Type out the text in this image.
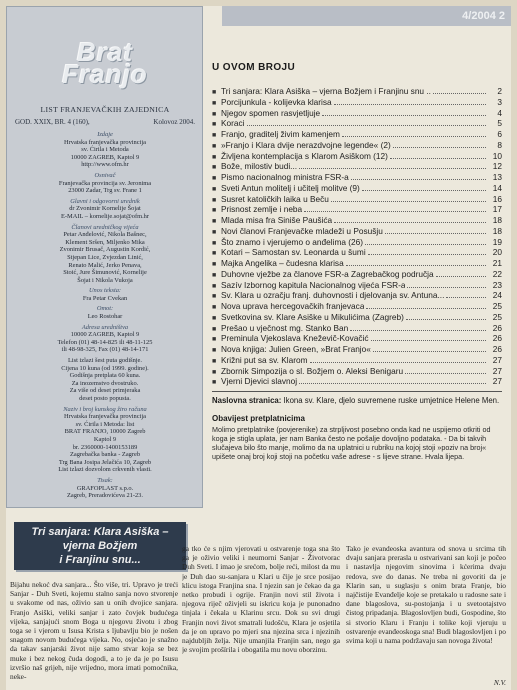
4/2004 2
Brat
Franjo
LIST FRANJEVAČKIH ZAJEDNICA
GOD. XXIX, BR. 4 (160),	Kolovoz 2004.
Izdaje
Hrvatska franjevačka provincija
sv. Ćirila i Metoda
10000 ZAGREB, Kaptol 9
http://www.ofm.hr
Osnivač
Franjevačka provincija sv. Jeronima
23000 Zadar, Trg sv. Frane 1
Glavni i odgovorni urednik
dr Zvonimir Kornelije Šojat
E-MAIL – kornelije.sojat@ofm.hr
Članovi uredničkog vijeća
Petar Anđelović, Nikola Bašnec,
Klement Sršen, Miljenko Mika
Zvonimir Brusač, Augustin Kordić,
Stjepan Lice, Zvjezdan Linić,
Renato Malić, Jerko Penava,
Stoić, Jure Šimunović, Kornelije
Šojat i Nikola Vukoja
Unos teksta:
Fra Petar Cvekan
Omot:
Leo Rostohar
Adresa uredništva
10000 ZAGREB, Kaptol 9
Telefon (01) 48-14-825 ili 48-11-125
ili 48-98-325, Fax (01) 48-14-171
List izlazi šest puta godišnje.
Cijena 10 kuna (od 1999. godine).
Godišnja pretplata 60 kuna.
Za inozemstvo dvostruko.
Za više od deset primjeraka
deset posto popusta.
Naziv i broj kunskog žiro računa
Hrvatska franjevačka provincija
sv. Ćirila i Metoda: list
BRAT FRANJO, 10000 Zagreb
Kaptol 9
br. 2360000-1400153189
Zagrebačka banka - Zagreb
Trg Bana Josipa Jelačića 10, Zagreb
List izlazi dozvolom crkvenih vlasti.
Tisak:
GRAFOPLAST s.p.o.
Zagreb, Preradovićeva 21-23.
Tri sanjara: Klara Asiška –
vjerna Božjem
i Franjinu snu...
Bijahu nekoć dva sanjara... Što više, tri. Upravo je treći Sanjar - Duh Sveti, kojemu stalno sanja novo stvorenje u svakome od nas, oživio san u onih dvojice sanjara. Franjo Asiški, veliki sanjar i zato čovjek budućega vijeka, sanjajući snom Boga u njegovu životu i zbog toga se i vjerom u Isusa Krista s ljubavlju bio je nošen snagom novom budućega vijeka. No, osjećao je snažno da takav sanjarski život nije samo stvar koja se bez muke i bez nekog čuda dogodi, a to je da je po Isusu izvršio naš grijeh, nije vrijedno, mora imati pomoćnika, neke-
ga tko će s njim vjerovati u ostvarenje toga sna što ga je oživio veliki i neumorni Sanjar - Životvorac Duh Sveti. I imao je srećom, bolje reći, milost da mu je Duh dao su-sanjara u Klari u čije je srce posijao klicu istoga Franjina sna. I njezin san je čekao da ga netko probudi i ogrije. Franjin novi stil života i njegova riječ oživjeli su iskricu koja je punonadno tinjala i čekala u Klarinu srcu. Dok su svi drugi Franjin novi život smatrali ludošću, Klara je osjetila da je on upravo po mjeri sna njezina srca i njezinih najdubljih želja. Nije umanjila Franjin san, nego ga je svojim prošírila i obogatila mu novu oborzinu.
Tako je evandeoska avantura od snova u srcima tih dvaju sanjara prerasla u ostvarivani san koji je počeo i nastavlja njegovim sinovima i kćerima dvaju redova, sve do danas. Ne treba ni govoriti da je Klarin san, u suglasju s onim brata Franje, bio najčistije Evanđelje koje se pretakalo u radosne sate i dane blagoslova, su-postojanja i u svetootajstvo čistog pripadanja. Blagoslovljen budi, Gospodine, što si stvorio Klaru i Franju i tolike koji vjeruju u ostvarenje evanđeoskoga sna! Budi blagoslovljen i po svima koji u nama podržavaju san novoga života!
N.V.
U OVOM BROJU
■ Tri sanjara: Klara Asiška – vjerna Božjem i Franjinu snu ..	2
■ Porcijunkula - kolijevka klarisa	3
■ Njegov spomen rasvjetljuje	4
■ Koraci	5
■ Franjo, graditelj živim kamenjem	6
■ »Franjo i Klara dvije nerazdvojne legende« (2)	8
■ Življena kontemplacija s Klarom Asiškom (12)	10
■ Bože, milostiv budi...	12
■ Pismo nacionalnog ministra FSR-a	13
■ Sveti Antun molitelj i učitelj molitve (9)	14
■ Susret katoličkih laika u Beču	16
■ Prisnost zemlje i neba	17
■ Mlada misa fra Siniše Paušića	18
■ Novi članovi Franjevačke mladeži u Posušju	18
■ Što znamo i vjerujemo o anđelima (26)	19
■ Kotari – Samostan sv. Leonarda u šumi	20
■ Majka Angelika – čudesna klarisa	21
■ Duhovne vježbe za članove FSR-a Zagrebačkog područja	22
■ Sazív Izbornog kapitula Nacionalnog vijeća FSR-a	23
■ Sv. Klara u ozračju franj. duhovnosti i djelovanja sv. Antuna...	24
■ Nova uprava hercegovačkih franjevaca	25
■ Svetkovina sv. Klare Asiške u Mikulićima (Zagreb)	25
■ Prešao u vječnost mg. Stanko Ban	26
■ Preminula Vjekoslava Kneževič-Kovačić	26
■ Nova knjiga: Julien Green, »Brat Franjo«	26
■ Križni put sa sv. Klarom	27
■ Zbornik Simpozija o sl. Božjem o. Aleksi Benigaru	27
■ Vjerni Djevici slavnoj	27
Naslovna stranica: Ikona sv. Klare, djelo suvremene ruske umjetnice Helene Men.
Obavijest pretplatnicima
Molimo pretplatnike (povjerenike) za strpljivost posebno onda kad ne uspijemo otkriti od koga je stigla uplata, jer nam Banka često ne pošalje dovoljno podataka. - Da bi takvih slučajeva bilo što manje, molimo da na uplatnici u rubriku na kojoj stoji »poziv na broj« upišete onaj broj koji stoji na početku vaše adrese - s lijeve strane. Hvala lijepa.
